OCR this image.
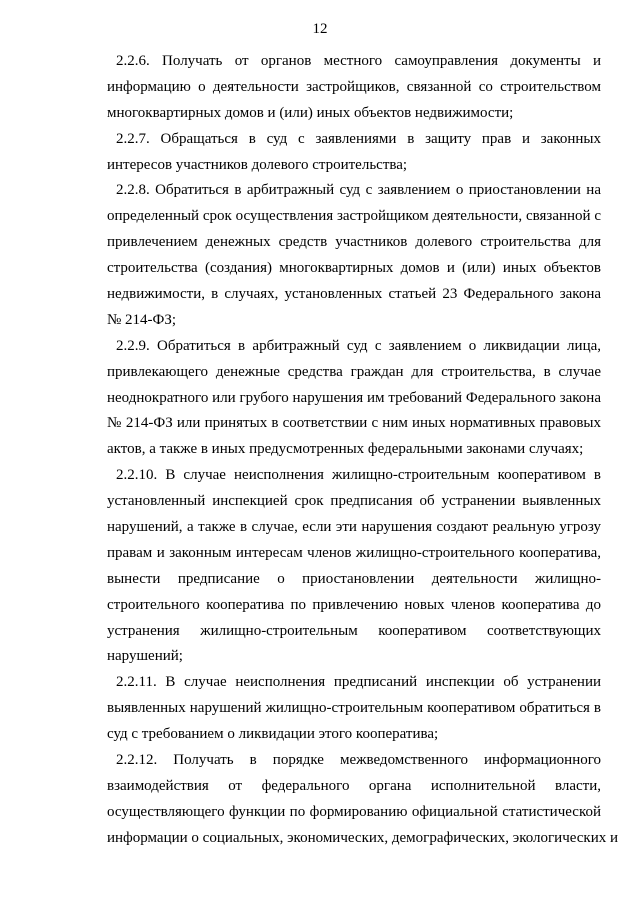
12

2.2.6. Получать от органов местного самоуправления документы и
информацию о деятельности застройщиков, связанной со строительством
многоквартирных домов и (или) иных объектов недвижимости;

2.2.7. Обращаться в суд с заявлениями в защиту прав и законных
интересов участников долевого строительства;

2.2.8. Обратиться в арбитражный суд с заявлением о приостановлении на
определенный срок осуществления застройщиком деятельности, связанной с
привлечением денежных средств участников долевого строительства для
строительства (создания) многоквартирных домов и (или) иных объектов
недвижимости, в случаях, установленных статьей 23 Федерального закона
№ 214-ФЗ;

2.2.9. Обратиться в арбитражный суд с заявлением о ликвидации лица,
привлекающего денежные средства граждан для строительства, в случае
неоднократного или грубого нарушения им требований Федерального закона
№ 214-ФЗ или принятых в соответствии с ним иных нормативных правовых
актов, а также в иных предусмотренных федеральными законами случаях;

2.2.10. В случае неисполнения жилищно-строительным кооперативом в
установленный инспекцией срок предписания об устранении выявленных
нарушений, а также в случае, если эти нарушения создают реальную угрозу
правам и законным интересам членов жилищно-строительного кооператива,
вынести предписание о приостановлении деятельности жилищно-
строительного кооператива по привлечению новых членов кооператива до
устранения жилищно-строительным кооперативом соответствующих
нарушений;

2.2.11. В случае неисполнения предписаний инспекции об устранении
выявленных нарушений жилищно-строительным кооперативом обратиться в
суд с требованием о ликвидации этого кооператива;

2.2.12. Получать в порядке межведомственного информационного
взаимодействия от федерального органа исполнительной власти,
осуществляющего функции по формированию официальной статистической
информации о социальных, экономических, демографических, экологических и
